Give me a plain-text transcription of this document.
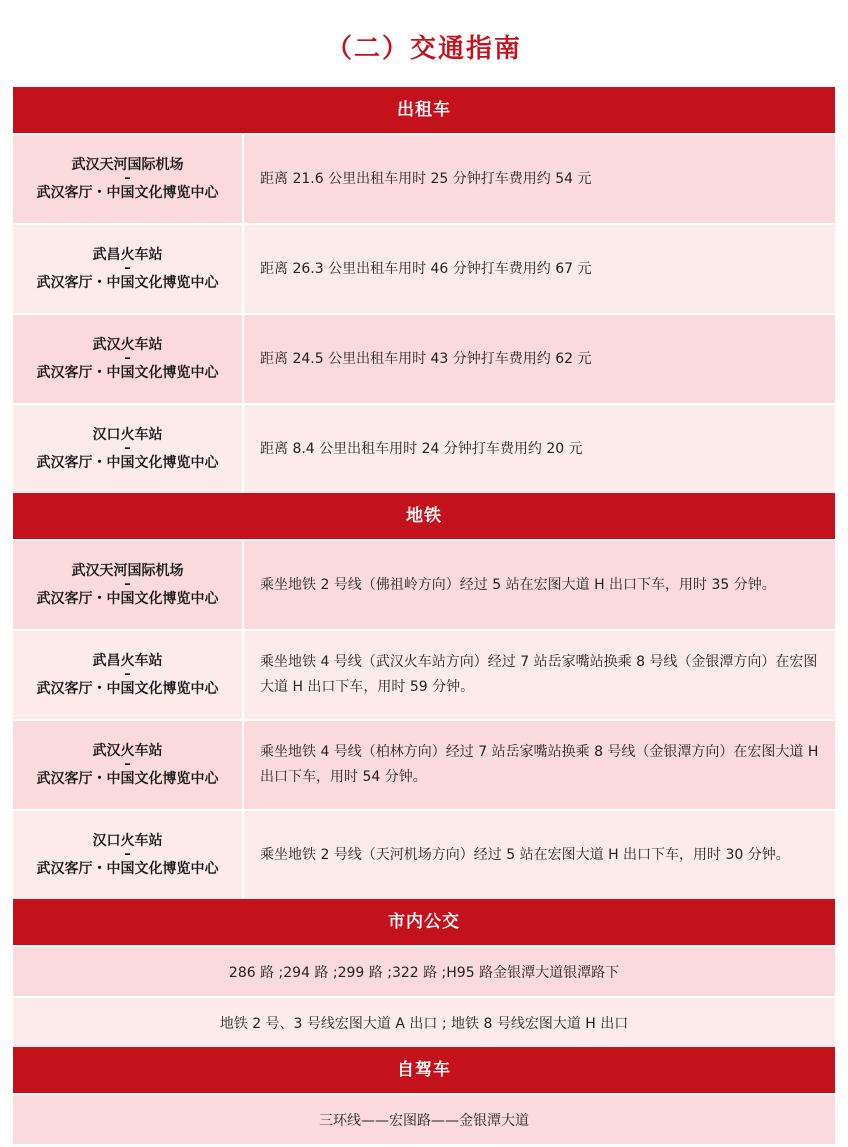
（二）交通指南
出租车
武汉天河国际机场
–
武汉客厅・中国文化博览中心
距离 21.6 公里出租车用时 25 分钟打车费用约 54 元
武昌火车站
–
武汉客厅・中国文化博览中心
距离 26.3 公里出租车用时 46 分钟打车费用约 67 元
武汉火车站
–
武汉客厅・中国文化博览中心
距离 24.5 公里出租车用时 43 分钟打车费用约 62 元
汉口火车站
–
武汉客厅・中国文化博览中心
距离 8.4 公里出租车用时 24 分钟打车费用约 20 元
地铁
武汉天河国际机场
–
武汉客厅・中国文化博览中心
乘坐地铁 2 号线（佛祖岭方向）经过 5 站在宏图大道 H 出口下车，用时 35 分钟。
武昌火车站
–
武汉客厅・中国文化博览中心
乘坐地铁 4 号线（武汉火车站方向）经过 7 站岳家嘴站换乘 8 号线（金银潭方向）在宏图大道 H 出口下车，用时 59 分钟。
武汉火车站
–
武汉客厅・中国文化博览中心
乘坐地铁 4 号线（柏林方向）经过 7 站岳家嘴站换乘 8 号线（金银潭方向）在宏图大道 H 出口下车，用时 54 分钟。
汉口火车站
–
武汉客厅・中国文化博览中心
乘坐地铁 2 号线（天河机场方向）经过 5 站在宏图大道 H 出口下车，用时 30 分钟。
市内公交
286 路 ;294 路 ;299 路 ;322 路 ;H95 路金银潭大道银潭路下
地铁 2 号、3 号线宏图大道 A 出口 ; 地铁 8 号线宏图大道 H 出口
自驾车
三环线——宏图路——金银潭大道
